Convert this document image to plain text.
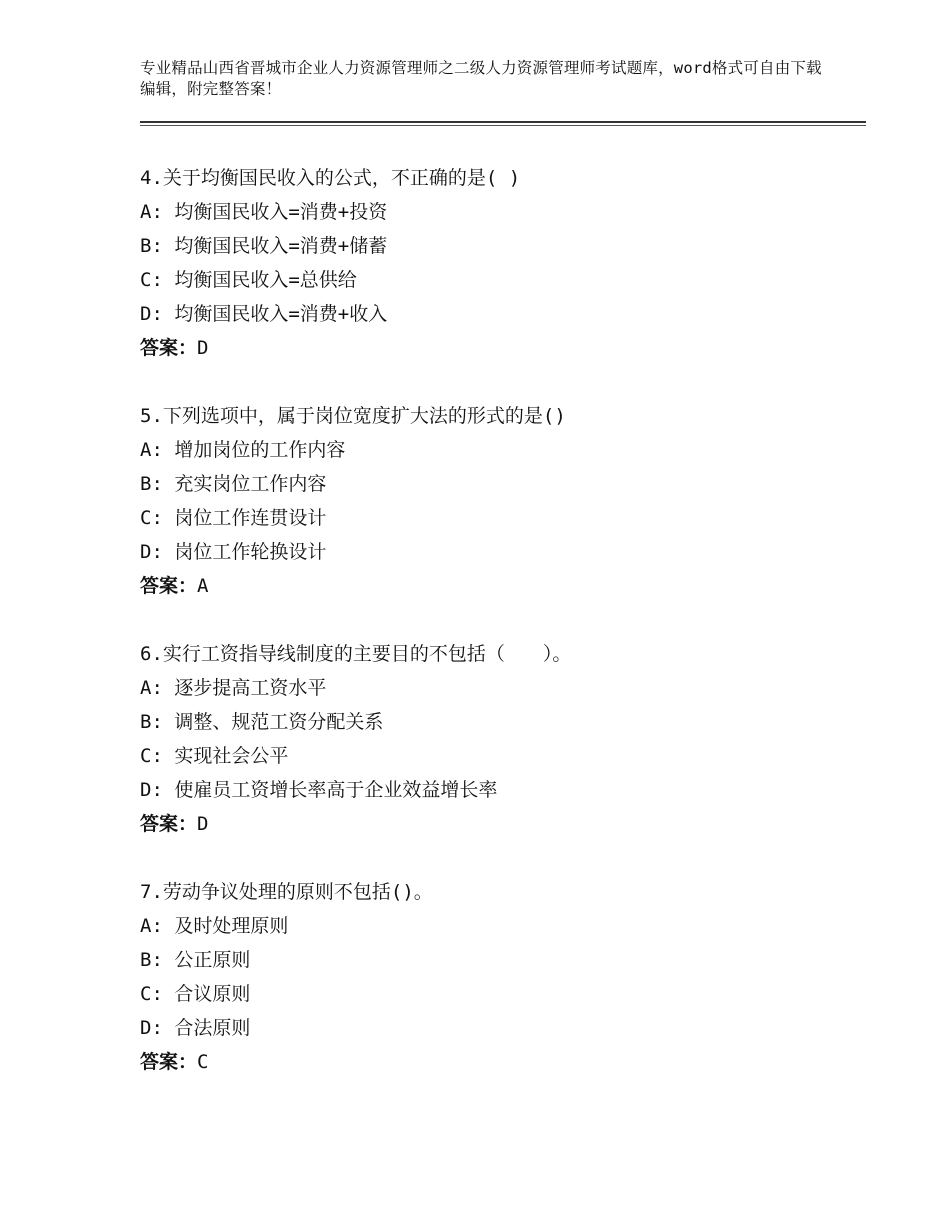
专业精品山西省晋城市企业人力资源管理师之二级人力资源管理师考试题库，word格式可自由下载编辑，附完整答案！
4.关于均衡国民收入的公式，不正确的是( )
A: 均衡国民收入=消费+投资
B: 均衡国民收入=消费+储蓄
C: 均衡国民收入=总供给
D: 均衡国民收入=消费+收入
答案：D
5.下列选项中，属于岗位宽度扩大法的形式的是()
A: 增加岗位的工作内容
B: 充实岗位工作内容
C: 岗位工作连贯设计
D: 岗位工作轮换设计
答案：A
6.实行工资指导线制度的主要目的不包括（　　）。
A: 逐步提高工资水平
B: 调整、规范工资分配关系
C: 实现社会公平
D: 使雇员工资增长率高于企业效益增长率
答案：D
7.劳动争议处理的原则不包括()。
A: 及时处理原则
B: 公正原则
C: 合议原则
D: 合法原则
答案：C
